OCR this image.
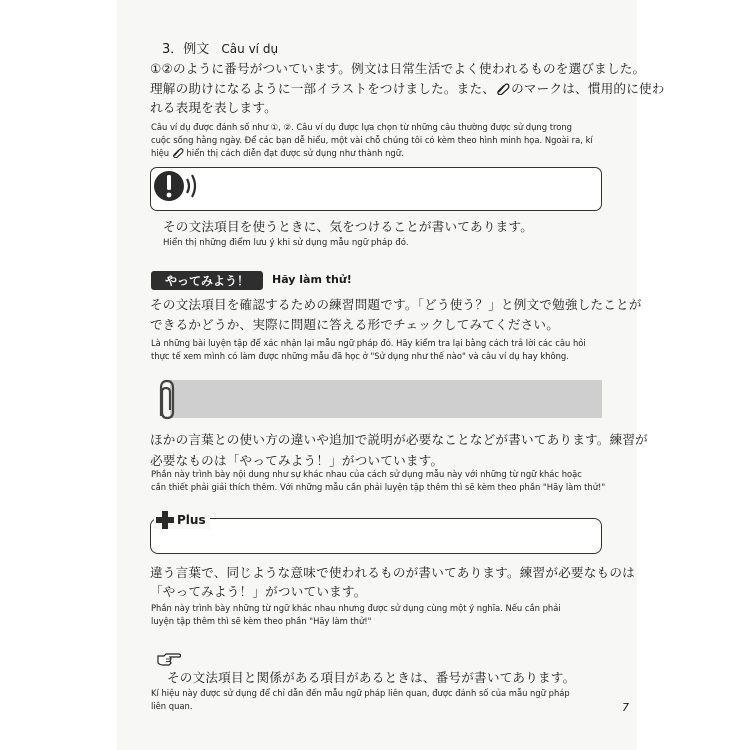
3．例文 Câu ví dụ
①②のように番号がついています。例文は日常生活でよく使われるものを選びました。
理解の助けになるように一部イラストをつけました。また、 のマークは、慣用的に使わ
れる表現を表します。
Câu ví dụ được đánh số như ①, ②. Câu ví dụ được lựa chọn từ những câu thường được sử dụng trong
cuộc sống hằng ngày. Để các bạn dễ hiểu, một vài chỗ chúng tôi có kèm theo hình minh họa. Ngoài ra, kí
hiệu hiển thị cách diễn đạt được sử dụng như thành ngữ.
その文法項目を使うときに、気をつけることが書いてあります。
Hiển thị những điểm lưu ý khi sử dụng mẫu ngữ pháp đó.
やってみよう！	Hãy làm thử!
その文法項目を確認するための練習問題です。「どう使う？」と例文で勉強したことが
できるかどうか、実際に問題に答える形でチェックしてみてください。
Là những bài luyện tập để xác nhận lại mẫu ngữ pháp đó. Hãy kiểm tra lại bằng cách trả lời các câu hỏi
thực tế xem mình có làm được những mẫu đã học ở "Sử dụng như thế nào" và câu ví dụ hay không.
ほかの言葉との使い方の違いや追加で説明が必要なことなどが書いてあります。練習が
必要なものは「やってみよう！」がついています。
Phần này trình bày nội dung như sự khác nhau của cách sử dụng mẫu này với những từ ngữ khác hoặc
cần thiết phải giải thích thêm. Với những mẫu cần phải luyện tập thêm thì sẽ kèm theo phần "Hãy làm thử!"
Plus
違う言葉で、同じような意味で使われるものが書いてあります。練習が必要なものは
「やってみよう！」がついています。
Phần này trình bày những từ ngữ khác nhau nhưng được sử dụng cùng một ý nghĩa. Nếu cần phải
luyện tập thêm thì sẽ kèm theo phần "Hãy làm thử!"
その文法項目と関係がある項目があるときは、番号が書いてあります。
Kí hiệu này được sử dụng để chỉ dẫn đến mẫu ngữ pháp liên quan, được đánh số của mẫu ngữ pháp
liên quan.	7
